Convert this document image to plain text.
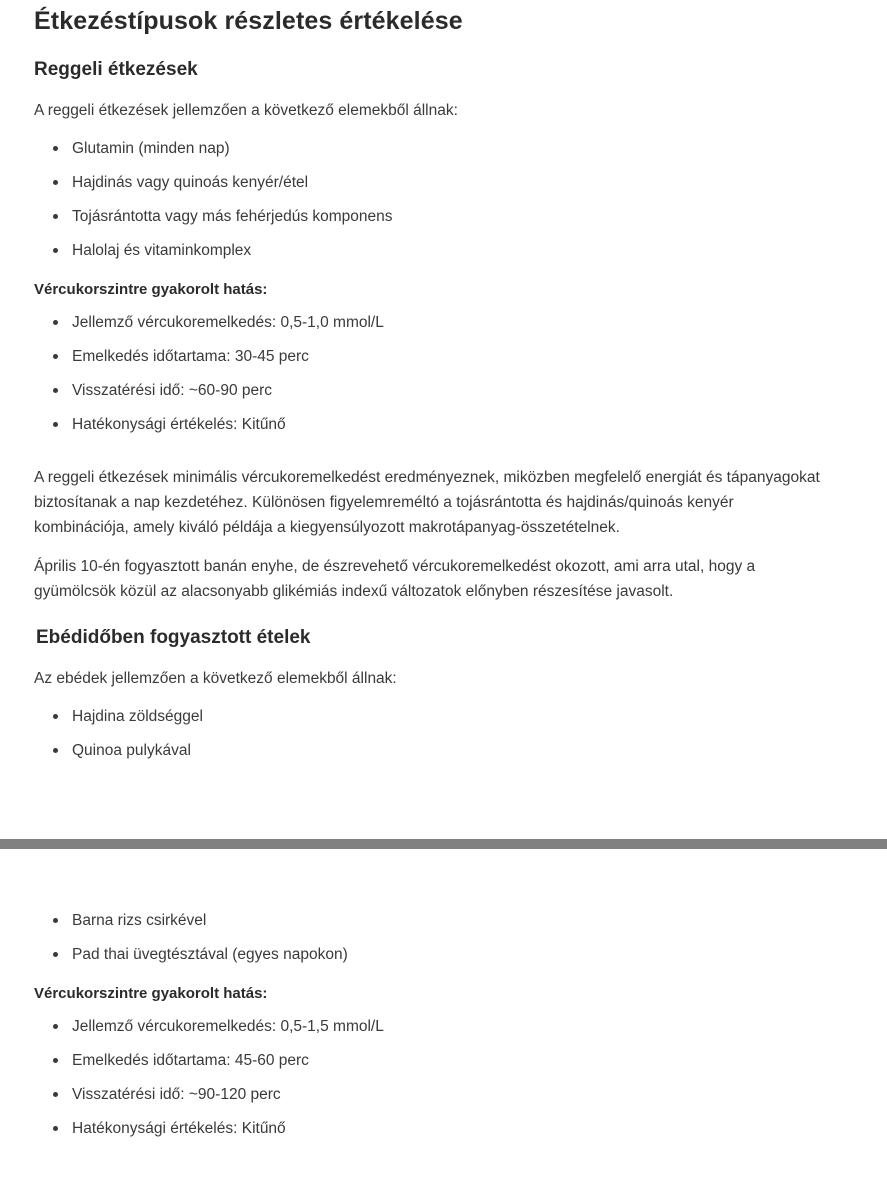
Étkezéstípusok részletes értékelése
Reggeli étkezések

A reggeli étkezések jellemzően a következő elemekből állnak:

Glutamin (minden nap)
Hajdinás vagy quinoás kenyér/étel
Tojásrántotta vagy más fehérjedús komponens
Halolaj és vitaminkomplex
Vércukorszintre gyakorolt hatás:
Jellemző vércukoremelkedés: 0,5-1,0 mmol/L
Emelkedés időtartama: 30-45 perc
Visszatérési idő: ~60-90 perc
Hatékonysági értékelés: Kitűnő

A reggeli étkezések minimális vércukoremelkedést eredményeznek, miközben megfelelő energiát és tápanyagokat biztosítanak a nap kezdetéhez. Különösen figyelemreméltó a tojásrántotta és hajdinás/quinoás kenyér kombinációja, amely kiváló példája a kiegyensúlyozott makrotápanyag-összetételnek.

Április 10-én fogyasztott banán enyhe, de észrevehető vércukoremelkedést okozott, ami arra utal, hogy a gyümölcsök közül az alacsonyabb glikémiás indexű változatok előnyben részesítése javasolt.

Ebédidőben fogyasztott ételek

Az ebédek jellemzően a következő elemekből állnak:

Hajdina zöldséggel
Quinoa pulykával
Barna rizs csirkével
Pad thai üvegtésztával (egyes napokon)
Vércukorszintre gyakorolt hatás:
Jellemző vércukoremelkedés: 0,5-1,5 mmol/L
Emelkedés időtartama: 45-60 perc
Visszatérési idő: ~90-120 perc
Hatékonysági értékelés: Kitűnő
